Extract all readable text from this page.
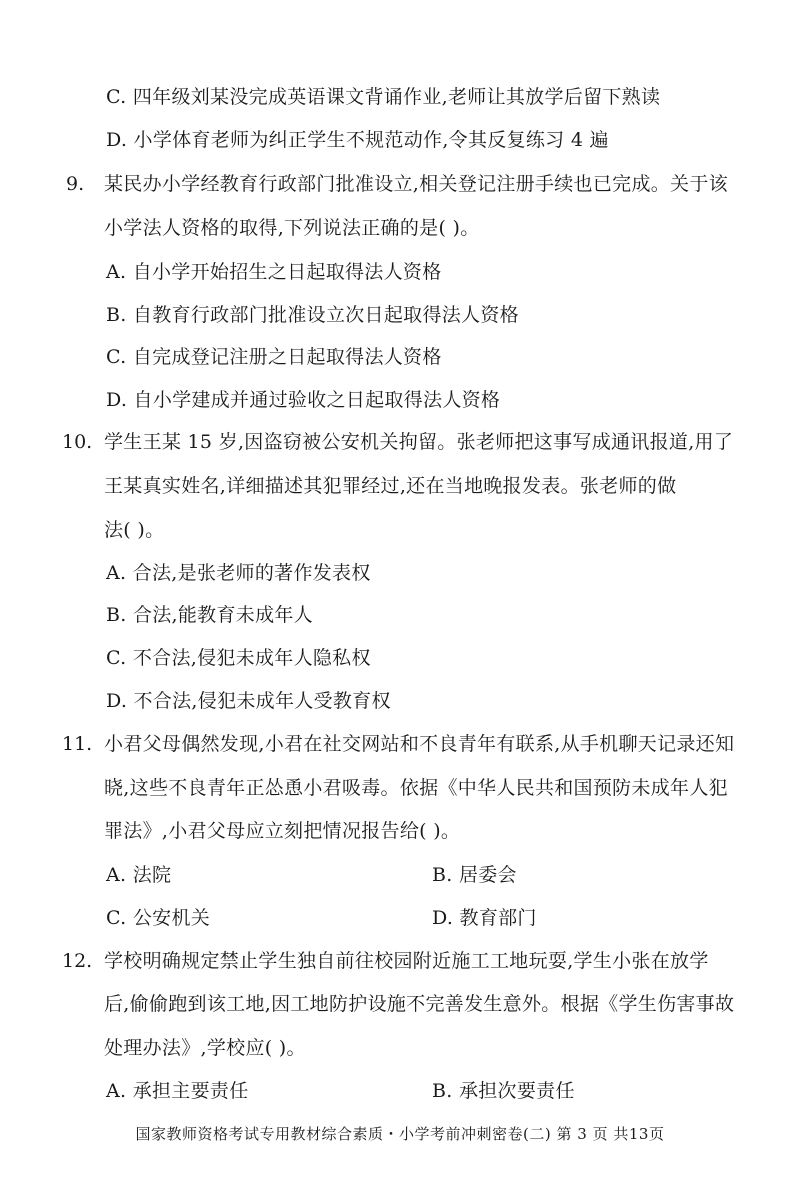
C. 四年级刘某没完成英语课文背诵作业,老师让其放学后留下熟读
D. 小学体育老师为纠正学生不规范动作,令其反复练习 4 遍
9. 某民办小学经教育行政部门批准设立,相关登记注册手续也已完成。关于该
小学法人资格的取得,下列说法正确的是( )。
A. 自小学开始招生之日起取得法人资格
B. 自教育行政部门批准设立次日起取得法人资格
C. 自完成登记注册之日起取得法人资格
D. 自小学建成并通过验收之日起取得法人资格
10. 学生王某 15 岁,因盗窃被公安机关拘留。张老师把这事写成通讯报道,用了
王某真实姓名,详细描述其犯罪经过,还在当地晚报发表。张老师的做
法( )。
A. 合法,是张老师的著作发表权
B. 合法,能教育未成年人
C. 不合法,侵犯未成年人隐私权
D. 不合法,侵犯未成年人受教育权
11. 小君父母偶然发现,小君在社交网站和不良青年有联系,从手机聊天记录还知
晓,这些不良青年正怂恿小君吸毒。依据《中华人民共和国预防未成年人犯
罪法》,小君父母应立刻把情况报告给( )。
A. 法院	B. 居委会
C. 公安机关	D. 教育部门
12. 学校明确规定禁止学生独自前往校园附近施工工地玩耍,学生小张在放学
后,偷偷跑到该工地,因工地防护设施不完善发生意外。根据《学生伤害事故
处理办法》,学校应( )。
A. 承担主要责任	B. 承担次要责任
国家教师资格考试专用教材综合素质・小学考前冲刺密卷(二) 第 3 页 共13页
